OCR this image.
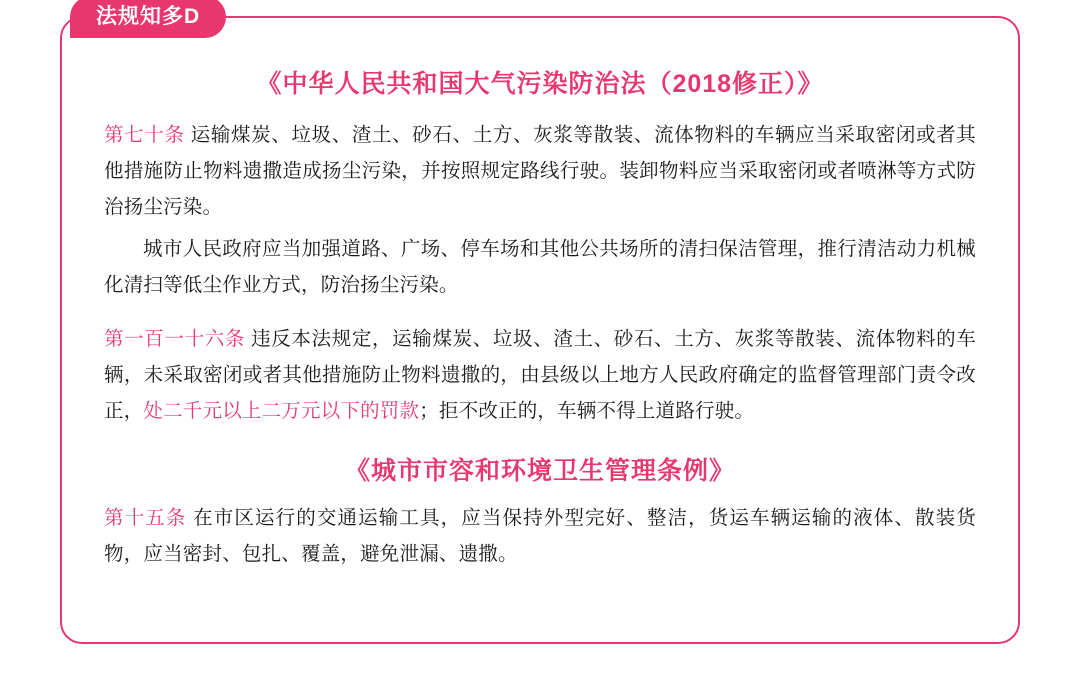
法规知多D
《中华人民共和国大气污染防治法（2018修正）》

第七十条 运输煤炭、垃圾、渣土、砂石、土方、灰浆等散装、流体物料的车辆应当采取密闭或者其他措施防止物料遗撒造成扬尘污染，并按照规定路线行驶。装卸物料应当采取密闭或者喷淋等方式防治扬尘污染。

城市人民政府应当加强道路、广场、停车场和其他公共场所的清扫保洁管理，推行清洁动力机械化清扫等低尘作业方式，防治扬尘污染。

第一百一十六条 违反本法规定，运输煤炭、垃圾、渣土、砂石、土方、灰浆等散装、流体物料的车辆，未采取密闭或者其他措施防止物料遗撒的，由县级以上地方人民政府确定的监督管理部门责令改正，处二千元以上二万元以下的罚款；拒不改正的，车辆不得上道路行驶。

《城市市容和环境卫生管理条例》

第十五条 在市区运行的交通运输工具，应当保持外型完好、整洁，货运车辆运输的液体、散装货物，应当密封、包扎、覆盖，避免泄漏、遗撒。
